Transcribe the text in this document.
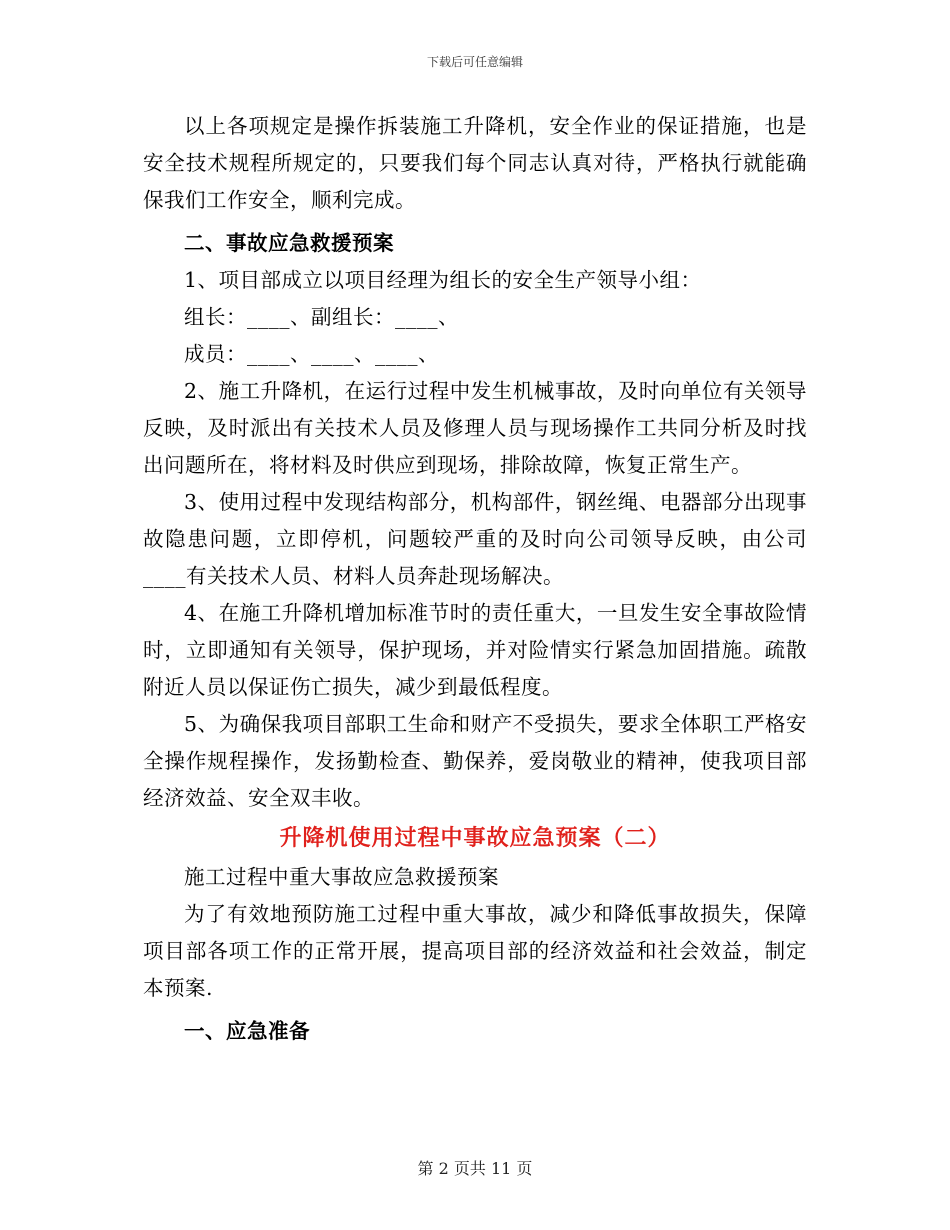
下载后可任意编辑

以上各项规定是操作拆装施工升降机，安全作业的保证措施，也是安全技术规程所规定的，只要我们每个同志认真对待，严格执行就能确保我们工作安全，顺利完成。

二、事故应急救援预案

1、项目部成立以项目经理为组长的安全生产领导小组：

组长：____、副组长：____、

成员：____、____、____、

2、施工升降机，在运行过程中发生机械事故，及时向单位有关领导反映，及时派出有关技术人员及修理人员与现场操作工共同分析及时找出问题所在，将材料及时供应到现场，排除故障，恢复正常生产。

3、使用过程中发现结构部分，机构部件，钢丝绳、电器部分出现事故隐患问题，立即停机，问题较严重的及时向公司领导反映，由公司____有关技术人员、材料人员奔赴现场解决。

4、在施工升降机增加标准节时的责任重大，一旦发生安全事故险情时，立即通知有关领导，保护现场，并对险情实行紧急加固措施。疏散附近人员以保证伤亡损失，减少到最低程度。

5、为确保我项目部职工生命和财产不受损失，要求全体职工严格安全操作规程操作，发扬勤检查、勤保养，爱岗敬业的精神，使我项目部经济效益、安全双丰收。

升降机使用过程中事故应急预案（二）

施工过程中重大事故应急救援预案

为了有效地预防施工过程中重大事故，减少和降低事故损失，保障项目部各项工作的正常开展，提高项目部的经济效益和社会效益，制定本预案.

一、应急准备

第 2 页共 11 页
